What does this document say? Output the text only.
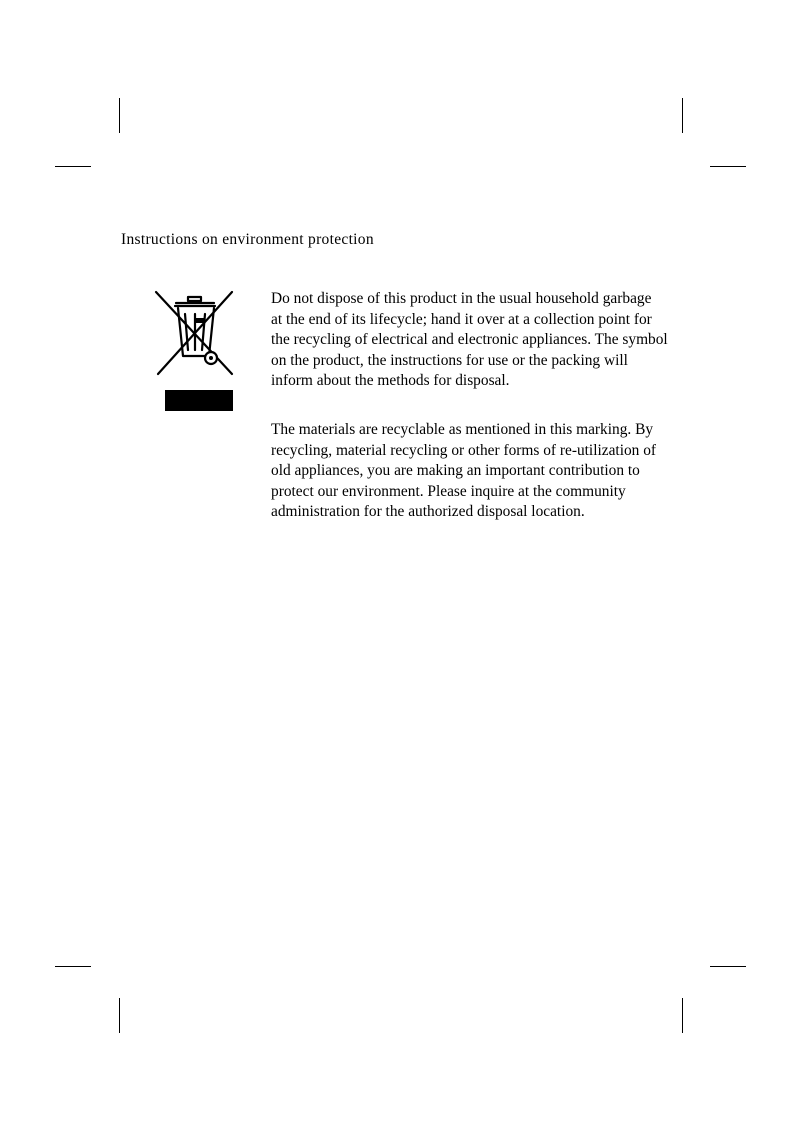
Instructions on environment protection
Do not dispose of this product in the usual household garbage
at the end of its lifecycle; hand it over at a collection point for
the recycling of electrical and electronic appliances. The symbol
on the product, the instructions for use or the packing will
inform about the methods for disposal.
The materials are recyclable as mentioned in this marking. By
recycling, material recycling or other forms of re-utilization of
old appliances, you are making an important contribution to
protect our environment. Please inquire at the community
administration for the authorized disposal location.
